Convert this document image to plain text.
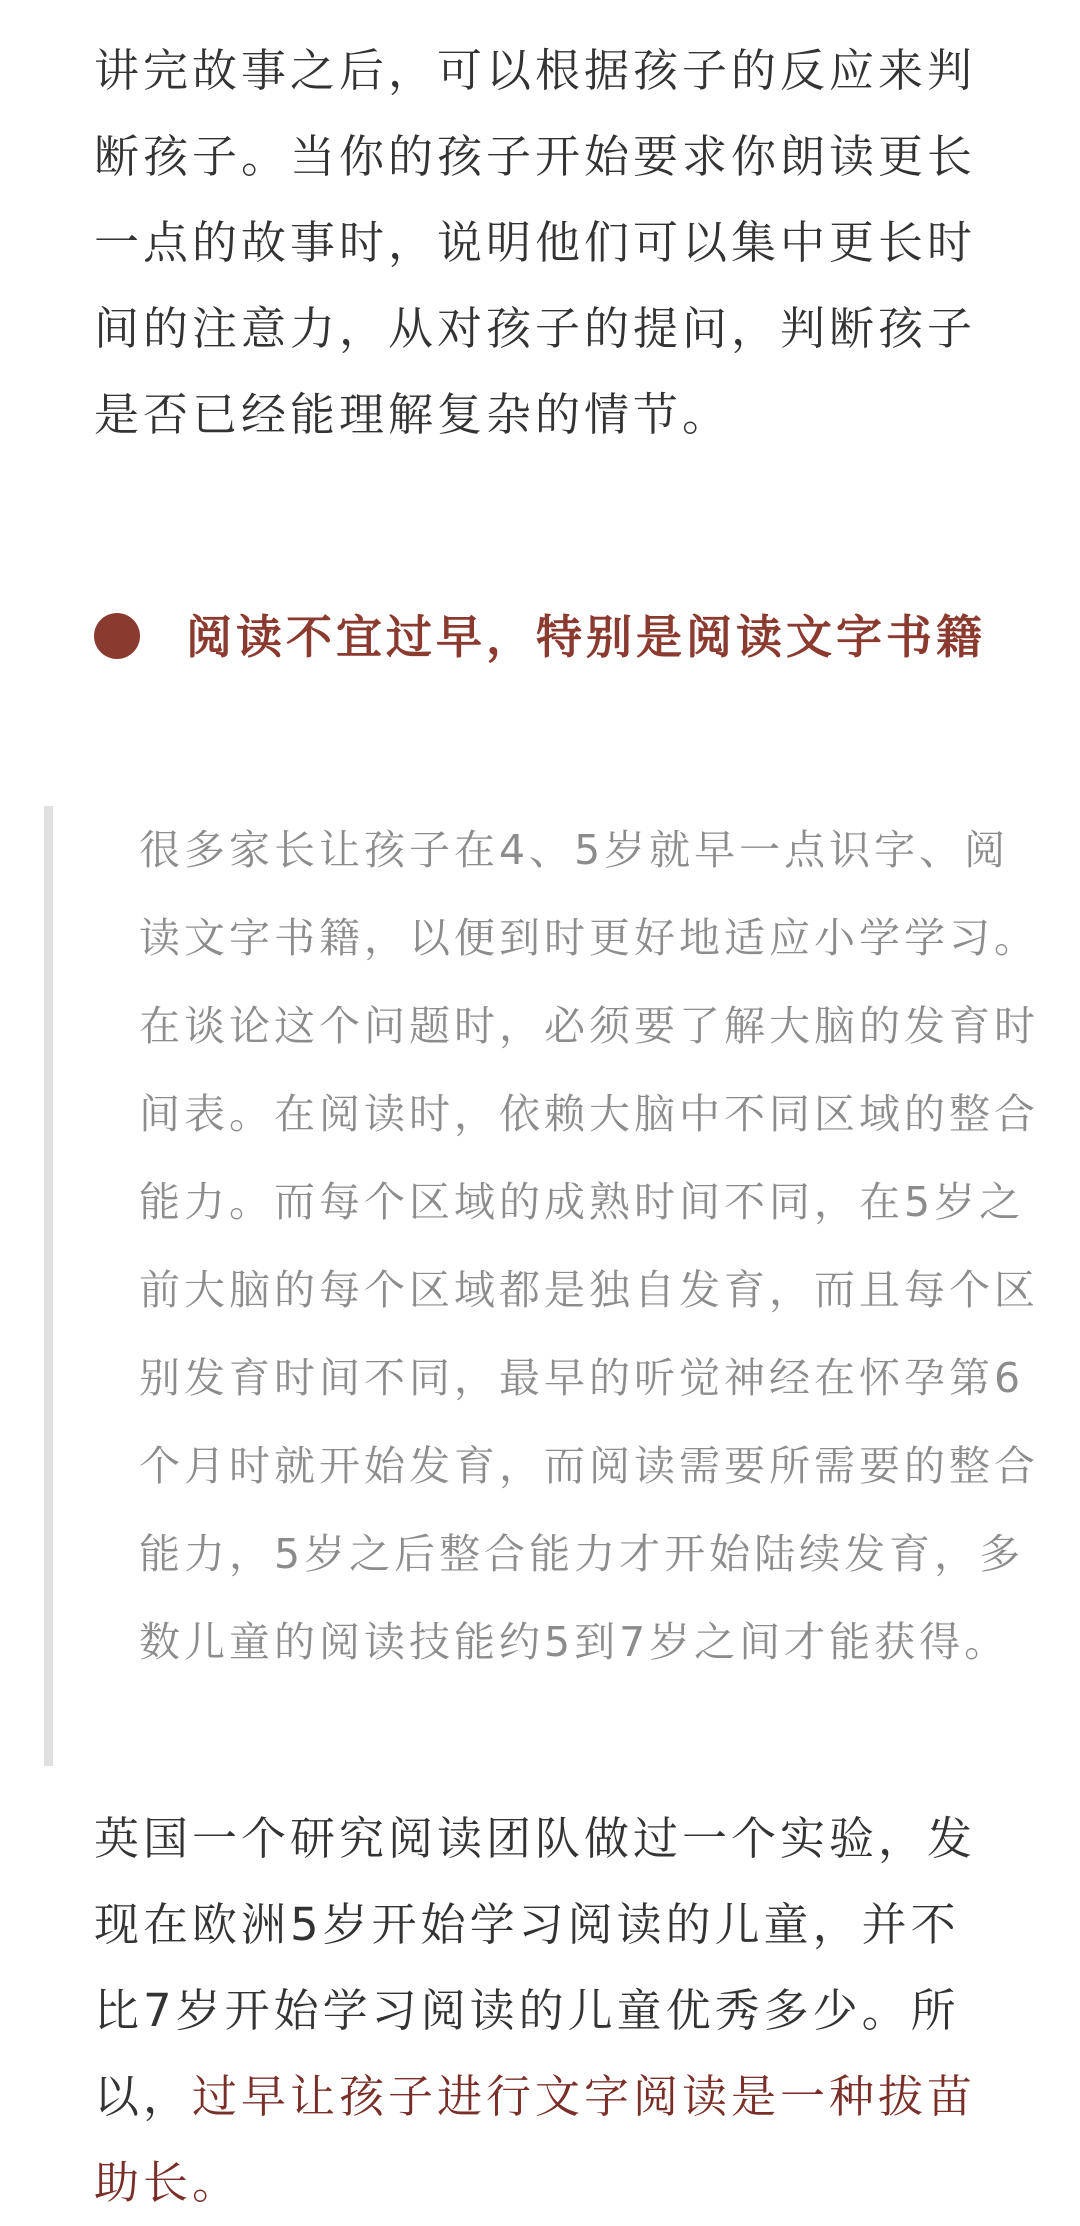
讲完故事之后，可以根据孩子的反应来判断孩子。当你的孩子开始要求你朗读更长一点的故事时，说明他们可以集中更长时间的注意力，从对孩子的提问，判断孩子是否已经能理解复杂的情节。

阅读不宜过早，特别是阅读文字书籍

很多家长让孩子在4、5岁就早一点识字、阅读文字书籍，以便到时更好地适应小学学习。在谈论这个问题时，必须要了解大脑的发育时间表。在阅读时，依赖大脑中不同区域的整合能力。而每个区域的成熟时间不同，在5岁之前大脑的每个区域都是独自发育，而且每个区别发育时间不同，最早的听觉神经在怀孕第6个月时就开始发育，而阅读需要所需要的整合能力，5岁之后整合能力才开始陆续发育，多数儿童的阅读技能约5到7岁之间才能获得。

英国一个研究阅读团队做过一个实验，发现在欧洲5岁开始学习阅读的儿童，并不比7岁开始学习阅读的儿童优秀多少。所以，过早让孩子进行文字阅读是一种拔苗助长。
